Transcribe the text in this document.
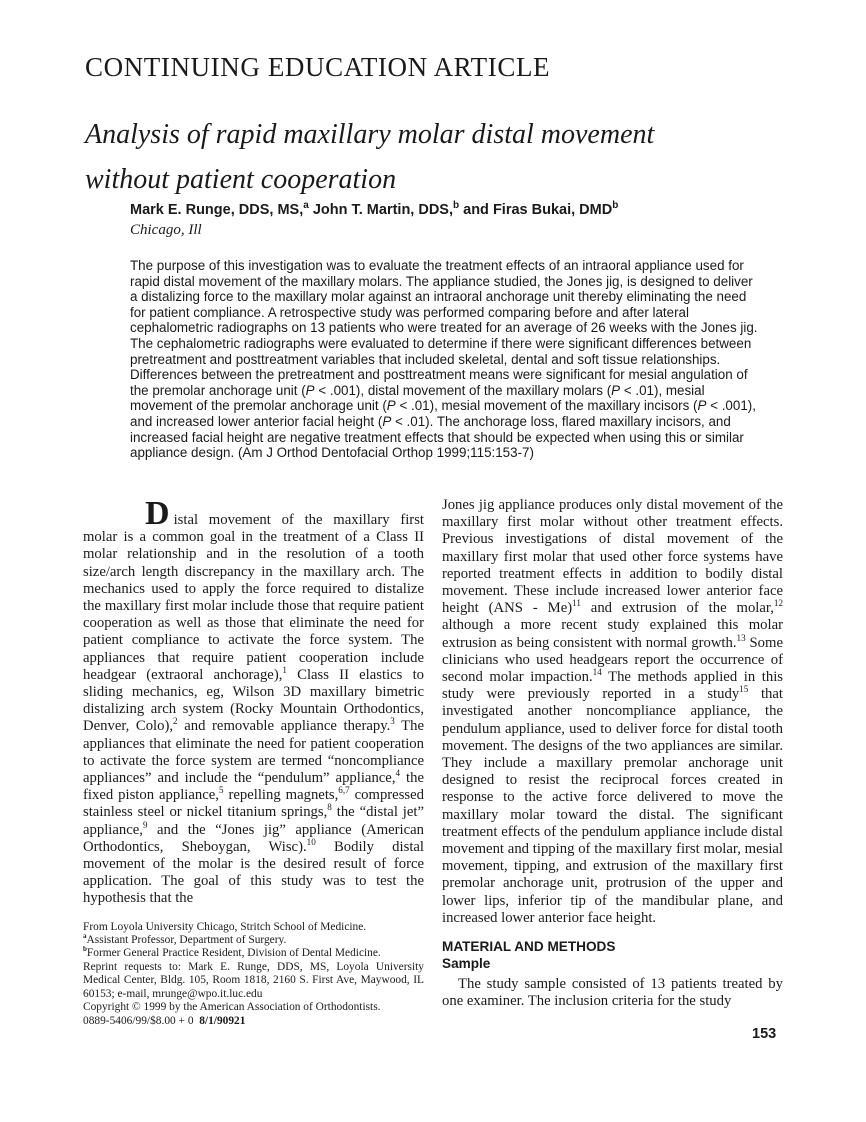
CONTINUING EDUCATION ARTICLE
Analysis of rapid maxillary molar distal movement without patient cooperation
Mark E. Runge, DDS, MS,$^a$ John T. Martin, DDS,$^b$ and Firas Bukai, DMD$^b$
Chicago, Ill
The purpose of this investigation was to evaluate the treatment effects of an intraoral appliance used for rapid distal movement of the maxillary molars. The appliance studied, the Jones jig, is designed to deliver a distalizing force to the maxillary molar against an intraoral anchorage unit thereby eliminating the need for patient compliance. A retrospective study was performed comparing before and after lateral cephalometric radiographs on 13 patients who were treated for an average of 26 weeks with the Jones jig. The cephalometric radiographs were evaluated to determine if there were significant differences between pretreatment and posttreatment variables that included skeletal, dental and soft tissue relationships. Differences between the pretreatment and posttreatment means were significant for mesial angulation of the premolar anchorage unit (P < .001), distal movement of the maxillary molars (P < .01), mesial movement of the premolar anchorage unit (P < .01), mesial movement of the maxillary incisors (P < .001), and increased lower anterior facial height (P < .01). The anchorage loss, flared maxillary incisors, and increased facial height are negative treatment effects that should be expected when using this or similar appliance design. (Am J Orthod Dentofacial Orthop 1999;115:153-7)

Distal movement of the maxillary first molar is a common goal in the treatment of a Class II molar relationship and in the resolution of a tooth size/arch length discrepancy in the maxillary arch. The mechanics used to apply the force required to distalize the maxillary first molar include those that require patient cooperation as well as those that eliminate the need for patient compliance to activate the force system. The appliances that require patient cooperation include headgear (extraoral anchorage),$^1$ Class II elastics to sliding mechanics, eg, Wilson 3D maxillary bimetric distalizing arch system (Rocky Mountain Orthodontics, Denver, Colo),$^2$ and removable appliance therapy.$^3$ The appliances that eliminate the need for patient cooperation to activate the force system are termed “noncompliance appliances” and include the “pendulum” appliance,$^4$ the fixed piston appliance,$^5$ repelling magnets,$^{6,7}$ compressed stainless steel or nickel titanium springs,$^8$ the “distal jet” appliance,$^9$ and the “Jones jig” appliance (American Orthodontics, Sheboygan, Wisc).$^{10}$ Bodily distal movement of the molar is the desired result of force application. The goal of this study was to test the hypothesis that the

From Loyola University Chicago, Stritch School of Medicine.
$^a$Assistant Professor, Department of Surgery.
$^b$Former General Practice Resident, Division of Dental Medicine.
Reprint requests to: Mark E. Runge, DDS, MS, Loyola University Medical Center, Bldg. 105, Room 1818, 2160 S. First Ave, Maywood, IL 60153; e-mail, mrunge@wpo.it.luc.edu
Copyright © 1999 by the American Association of Orthodontists.
0889-5406/99/$8.00 + 0  8/1/90921

Jones jig appliance produces only distal movement of the maxillary first molar without other treatment effects. Previous investigations of distal movement of the maxillary first molar that used other force systems have reported treatment effects in addition to bodily distal movement. These include increased lower anterior face height (ANS - Me)$^{11}$ and extrusion of the molar,$^{12}$ although a more recent study explained this molar extrusion as being consistent with normal growth.$^{13}$ Some clinicians who used headgears report the occurrence of second molar impaction.$^{14}$ The methods applied in this study were previously reported in a study$^{15}$ that investigated another noncompliance appliance, the pendulum appliance, used to deliver force for distal tooth movement. The designs of the two appliances are similar. They include a maxillary premolar anchorage unit designed to resist the reciprocal forces created in response to the active force delivered to move the maxillary molar toward the distal. The significant treatment effects of the pendulum appliance include distal movement and tipping of the maxillary first molar, mesial movement, tipping, and extrusion of the maxillary first premolar anchorage unit, protrusion of the upper and lower lips, inferior tip of the mandibular plane, and increased lower anterior face height.

MATERIAL AND METHODS
Sample

The study sample consisted of 13 patients treated by one examiner. The inclusion criteria for the study

153
